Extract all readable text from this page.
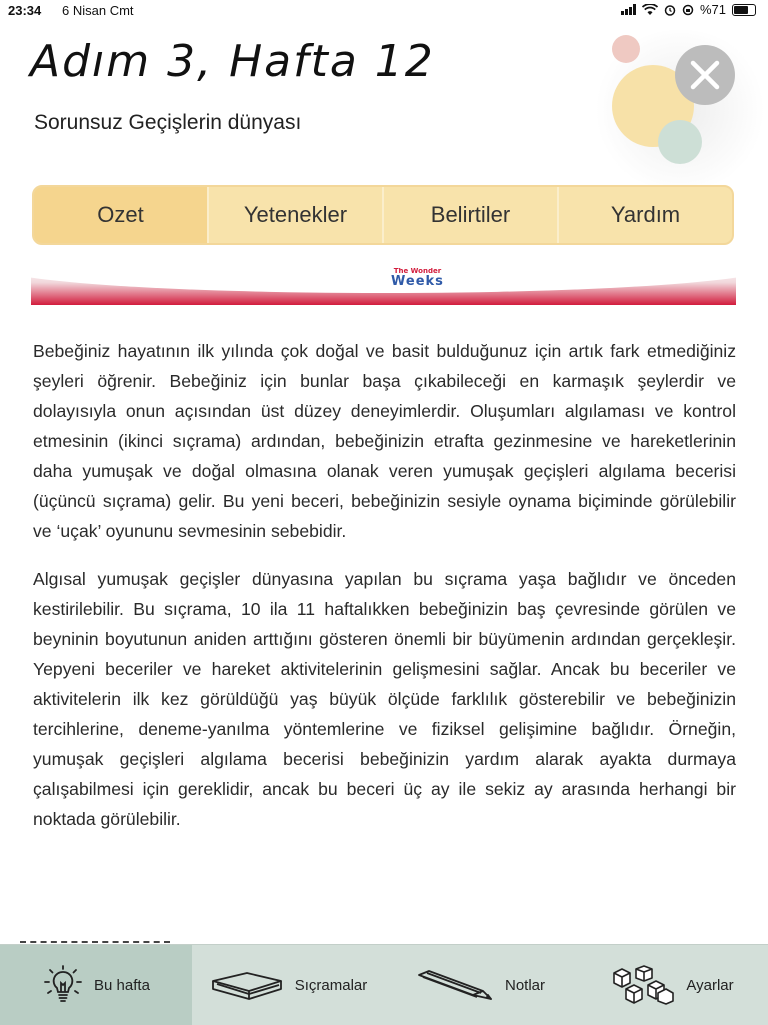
23:34 6 Nisan Cmt	%71
Adım 3, Hafta 12
Sorunsuz Geçişlerin dünyası
Ozet	Yetenekler	Belirtiler	Yardım
The Wonder
Weeks

Bebeğiniz hayatının ilk yılında çok doğal ve basit bulduğunuz için artık fark etmediğiniz şeyleri öğrenir. Bebeğiniz için bunlar başa çıkabileceği en karmaşık şeylerdir ve dolayısıyla onun açısından üst düzey deneyimlerdir. Oluşumları algılaması ve kontrol etmesinin (ikinci sıçrama) ardından, bebeğinizin etrafta gezinmesine ve hareketlerinin daha yumuşak ve doğal olmasına olanak veren yumuşak geçişleri algılama becerisi (üçüncü sıçrama) gelir. Bu yeni beceri, bebeğinizin sesiyle oynama biçiminde görülebilir ve ‘uçak’ oyununu sevmesinin sebebidir.

Algısal yumuşak geçişler dünyasına yapılan bu sıçrama yaşa bağlıdır ve önceden kestirilebilir. Bu sıçrama, 10 ila 11 haftalıkken bebeğinizin baş çevresinde görülen ve beyninin boyutunun aniden arttığını gösteren önemli bir büyümenin ardından gerçekleşir. Yepyeni beceriler ve hareket aktivitelerinin gelişmesini sağlar. Ancak bu beceriler ve aktivitelerin ilk kez görüldüğü yaş büyük ölçüde farklılık gösterebilir ve bebeğinizin tercihlerine, deneme-yanılma yöntemlerine ve fiziksel gelişimine bağlıdır. Örneğin, yumuşak geçişleri algılama becerisi bebeğinizin yardım alarak ayakta durmaya çalışabilmesi için gereklidir, ancak bu beceri üç ay ile sekiz ay arasında herhangi bir noktada görülebilir.

Bu hafta	Sıçramalar	Notlar	Ayarlar
